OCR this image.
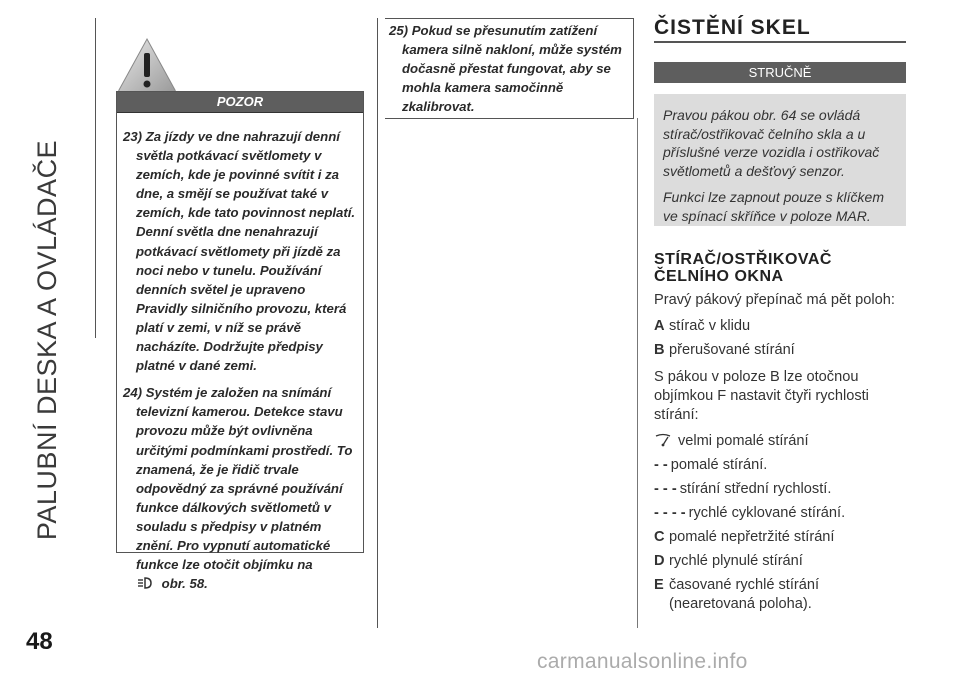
PALUBNÍ DESKA A OVLÁDAČE
48
POZOR

23) Za jízdy ve dne nahrazují denní světla potkávací světlomety v zemích, kde je povinné svítit i za dne, a smějí se používat také v zemích, kde tato povinnost neplatí. Denní světla dne nenahrazují potkávací světlomety při jízdě za noci nebo v tunelu. Používání denních světel je upraveno Pravidly silničního provozu, která platí v zemi, v níž se právě nacházíte. Dodržujte předpisy platné v dané zemi.

24) Systém je založen na snímání televizní kamerou. Detekce stavu provozu může být ovlivněna určitými podmínkami prostředí. To znamená, že je řidič trvale odpovědný za správné používání funkce dálkových světlometů v souladu s předpisy v platném znění. Pro vypnutí automatické funkce lze otočit objímku na
obr. 58.

25) Pokud se přesunutím zatížení kamera silně nakloní, může systém dočasně přestat fungovat, aby se mohla kamera samočinně zkalibrovat.

ČISTĚNÍ SKEL
STRUČNĚ

Pravou pákou obr. 64 se ovládá stírač/ostřikovač čelního skla a u příslušné verze vozidla i ostřikovač světlometů a dešťový senzor.

Funkci lze zapnout pouze s klíčkem ve spínací skříňce v poloze MAR.

STÍRAČ/OSTŘIKOVAČ
ČELNÍHO OKNA

Pravý pákový přepínač má pět poloh:

A stírač v klidu
B přerušované stírání

S pákou v poloze B lze otočnou objímkou F nastavit čtyři rychlosti stírání:

velmi pomalé stírání
- - pomalé stírání.
- - - stírání střední rychlostí.
- - - - rychlé cyklované stírání.
C pomalé nepřetržité stírání
D rychlé plynulé stírání
E časované rychlé stírání (nearetovaná poloha).
carmanualsonline.info
